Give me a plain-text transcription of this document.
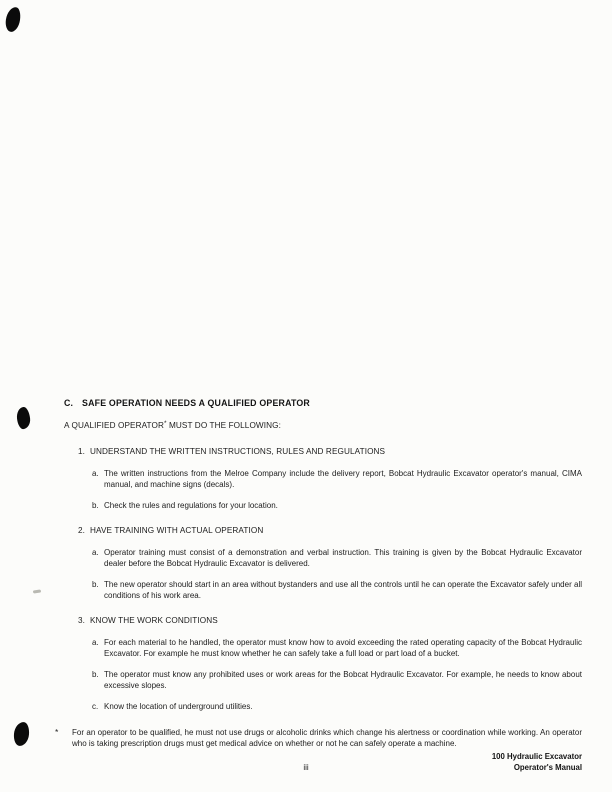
C. SAFE OPERATION NEEDS A QUALIFIED OPERATOR

A QUALIFIED OPERATOR* MUST DO THE FOLLOWING:

1. UNDERSTAND THE WRITTEN INSTRUCTIONS, RULES AND REGULATIONS
a. The written instructions from the Melroe Company include the delivery report, Bobcat Hydraulic Excavator operator's manual, CIMA manual, and machine signs (decals).
b. Check the rules and regulations for your location.
2. HAVE TRAINING WITH ACTUAL OPERATION
a. Operator training must consist of a demonstration and verbal instruction. This training is given by the Bobcat Hydraulic Excavator dealer before the Bobcat Hydraulic Excavator is delivered.
b. The new operator should start in an area without bystanders and use all the controls until he can operate the Excavator safely under all conditions of his work area.
3. KNOW THE WORK CONDITIONS
a. For each material to he handled, the operator must know how to avoid exceeding the rated operating capacity of the Bobcat Hydraulic Excavator. For example he must know whether he can safely take a full load or part load of a bucket.
b. The operator must know any prohibited uses or work areas for the Bobcat Hydraulic Excavator. For example, he needs to know about excessive slopes.
c. Know the location of underground utilities.
*	For an operator to be qualified, he must not use drugs or alcoholic drinks which change his alertness or coordination while working. An operator who is taking prescription drugs must get medical advice on whether or not he can safely operate a machine.
iii
100 Hydraulic Excavator
Operator's Manual
